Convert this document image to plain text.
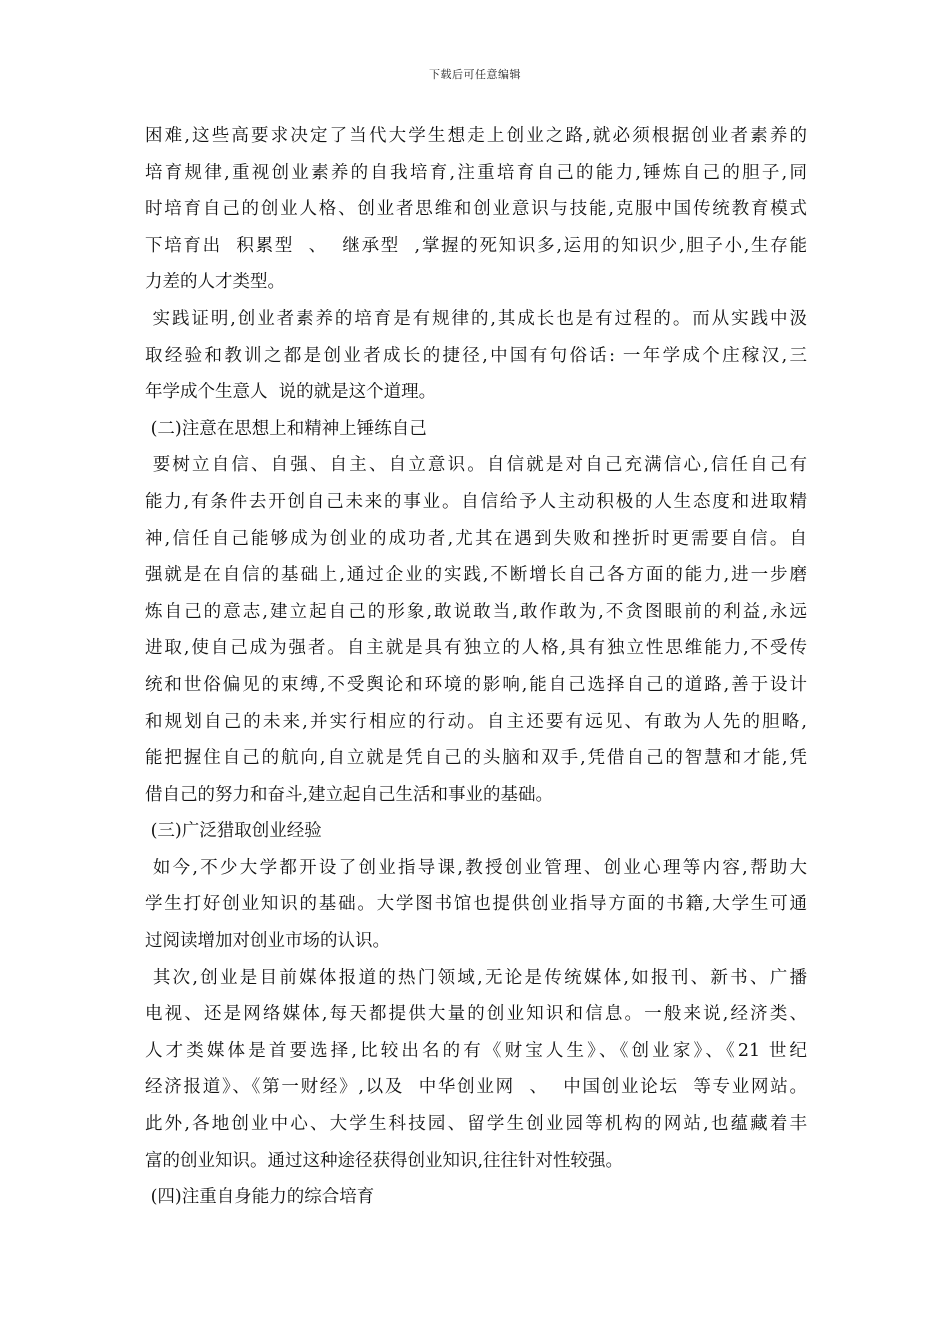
下载后可任意编辑
困难,这些高要求决定了当代大学生想走上创业之路,就必须根据创业者素养的
培育规律,重视创业素养的自我培育,注重培育自己的能力,锤炼自己的胆子,同
时培育自己的创业人格、创业者思维和创业意识与技能,克服中国传统教育模式
下培育出  积累型  、  继承型  ,掌握的死知识多,运用的知识少,胆子小,生存能
力差的人才类型。
实践证明,创业者素养的培育是有规律的,其成长也是有过程的。而从实践中汲
取经验和教训之都是创业者成长的捷径,中国有句俗话: 一年学成个庄稼汉,三
年学成个生意人  说的就是这个道理。
(二)注意在思想上和精神上锤练自己
要树立自信、自强、自主、自立意识。自信就是对自己充满信心,信任自己有
能力,有条件去开创自己未来的事业。自信给予人主动积极的人生态度和进取精
神,信任自己能够成为创业的成功者,尤其在遇到失败和挫折时更需要自信。自
强就是在自信的基础上,通过企业的实践,不断增长自己各方面的能力,进一步磨
炼自己的意志,建立起自己的形象,敢说敢当,敢作敢为,不贪图眼前的利益,永远
进取,使自己成为强者。自主就是具有独立的人格,具有独立性思维能力,不受传
统和世俗偏见的束缚,不受舆论和环境的影响,能自己选择自己的道路,善于设计
和规划自己的未来,并实行相应的行动。自主还要有远见、有敢为人先的胆略,
能把握住自己的航向,自立就是凭自己的头脑和双手,凭借自己的智慧和才能,凭
借自己的努力和奋斗,建立起自己生活和事业的基础。
(三)广泛猎取创业经验
如今,不少大学都开设了创业指导课,教授创业管理、创业心理等内容,帮助大
学生打好创业知识的基础。大学图书馆也提供创业指导方面的书籍,大学生可通
过阅读增加对创业市场的认识。
其次,创业是目前媒体报道的热门领域,无论是传统媒体,如报刊、新书、广播
电视、还是网络媒体,每天都提供大量的创业知识和信息。一般来说,经济类、
人才类媒体是首要选择,比较出名的有《财宝人生》、《创业家》、《21 世纪
经济报道》、《第一财经》,以及  中华创业网  、  中国创业论坛  等专业网站。
此外,各地创业中心、大学生科技园、留学生创业园等机构的网站,也蕴藏着丰
富的创业知识。通过这种途径获得创业知识,往往针对性较强。
(四)注重自身能力的综合培育
